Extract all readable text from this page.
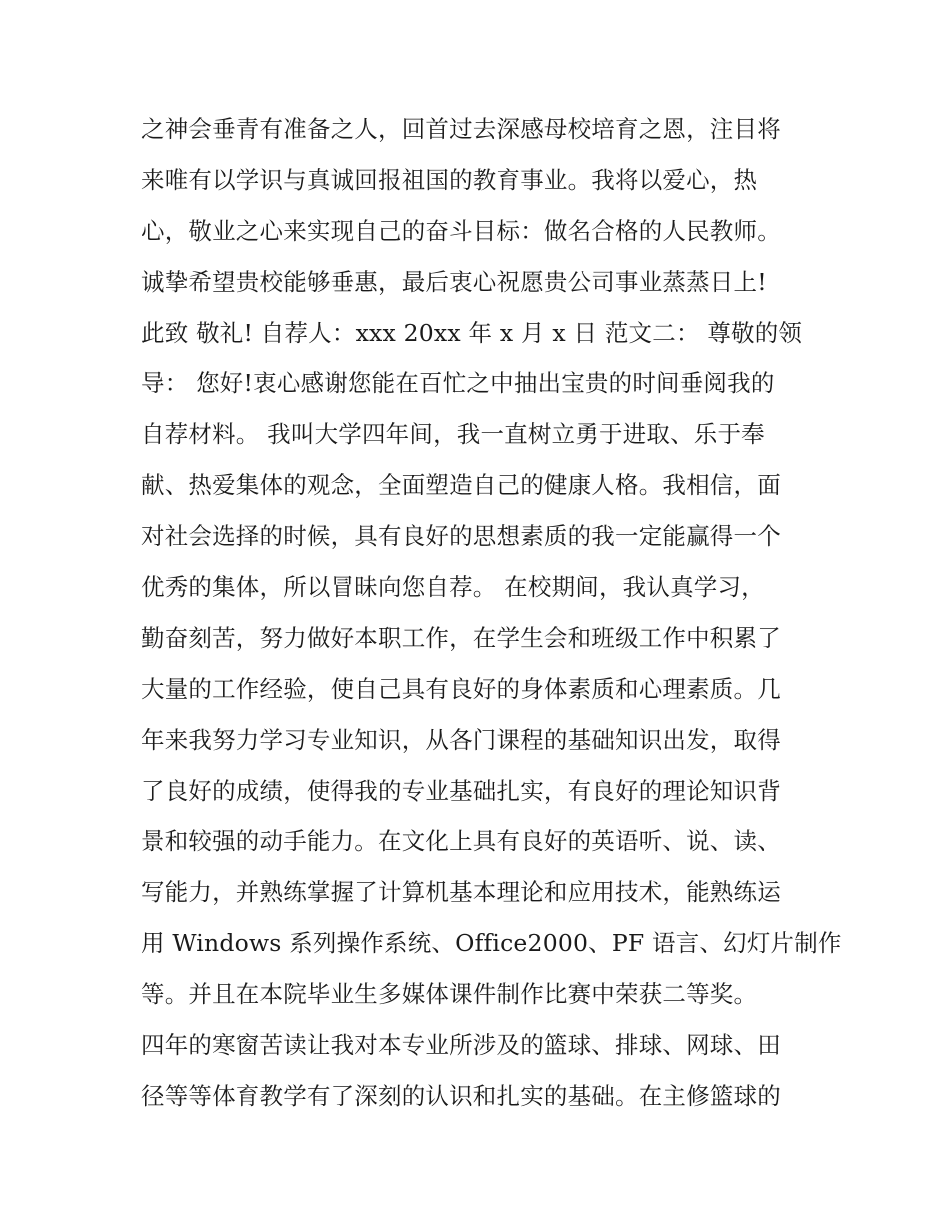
之神会垂青有准备之人，回首过去深感母校培育之恩，注目将
来唯有以学识与真诚回报祖国的教育事业。我将以爱心，热
心，敬业之心来实现自己的奋斗目标：做名合格的人民教师。
诚挚希望贵校能够垂惠，最后衷心祝愿贵公司事业蒸蒸日上!
此致 敬礼! 自荐人：xxx 20xx 年 x 月 x 日 范文二： 尊敬的领
导： 您好!衷心感谢您能在百忙之中抽出宝贵的时间垂阅我的
自荐材料。 我叫大学四年间，我一直树立勇于进取、乐于奉
献、热爱集体的观念，全面塑造自己的健康人格。我相信，面
对社会选择的时候，具有良好的思想素质的我一定能赢得一个
优秀的集体，所以冒昧向您自荐。 在校期间，我认真学习，
勤奋刻苦，努力做好本职工作，在学生会和班级工作中积累了
大量的工作经验，使自己具有良好的身体素质和心理素质。几
年来我努力学习专业知识，从各门课程的基础知识出发，取得
了良好的成绩，使得我的专业基础扎实，有良好的理论知识背
景和较强的动手能力。在文化上具有良好的英语听、说、读、
写能力，并熟练掌握了计算机基本理论和应用技术，能熟练运
用 Windows 系列操作系统、Office2000、PF 语言、幻灯片制作
等。并且在本院毕业生多媒体课件制作比赛中荣获二等奖。
四年的寒窗苦读让我对本专业所涉及的篮球、排球、网球、田
径等等体育教学有了深刻的认识和扎实的基础。在主修篮球的
